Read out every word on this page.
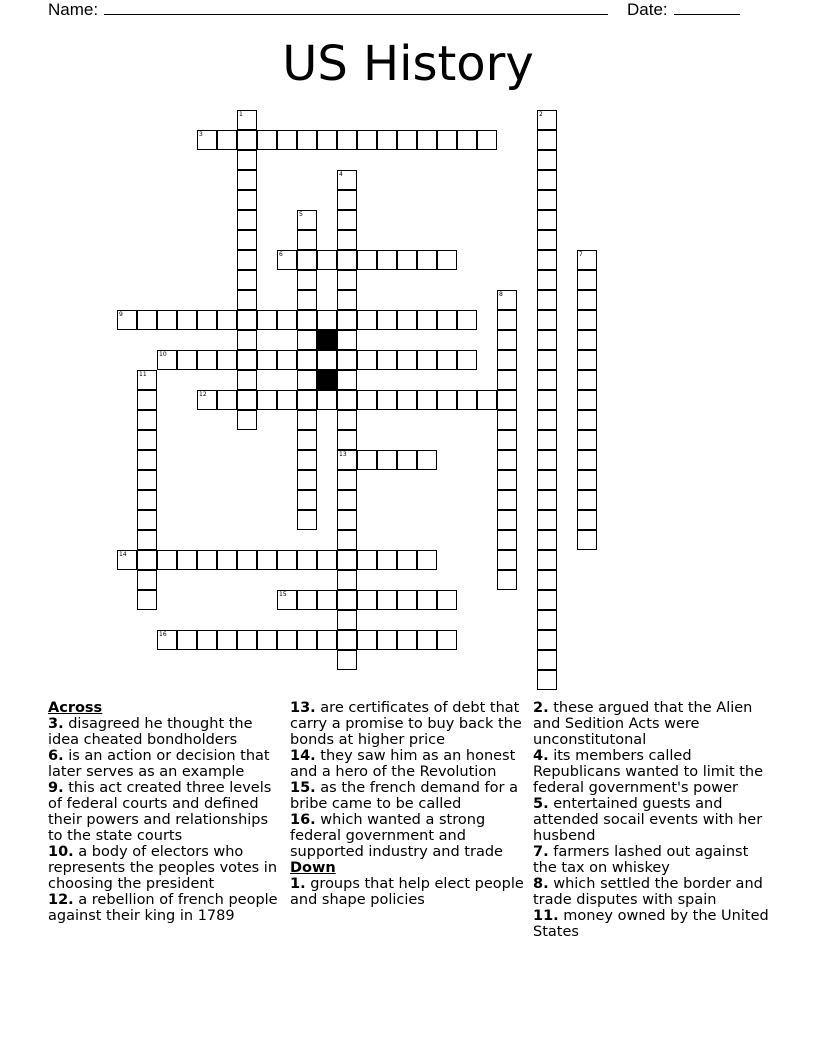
Name:	Date:
US History
1	2
3
4
13
5
6	7
8
9
10
11
12
14
15
16
Across
3. disagreed he thought the idea cheated bondholders
6. is an action or decision that later serves as an example
9. this act created three levels of federal courts and defined their powers and relationships to the state courts
10. a body of electors who represents the peoples votes in choosing the president
12. a rebellion of french people against their king in 1789
13. are certificates of debt that carry a promise to buy back the bonds at higher price
14. they saw him as an honest and a hero of the Revolution
15. as the french demand for a bribe came to be called
16. which wanted a strong federal government and supported industry and trade
Down
1. groups that help elect people and shape policies
2. these argued that the Alien and Sedition Acts were unconstitutonal
4. its members called Republicans wanted to limit the federal government's power
5. entertained guests and attended socail events with her husbend
7. farmers lashed out against the tax on whiskey
8. which settled the border and trade disputes with spain
11. money owned by the United States
